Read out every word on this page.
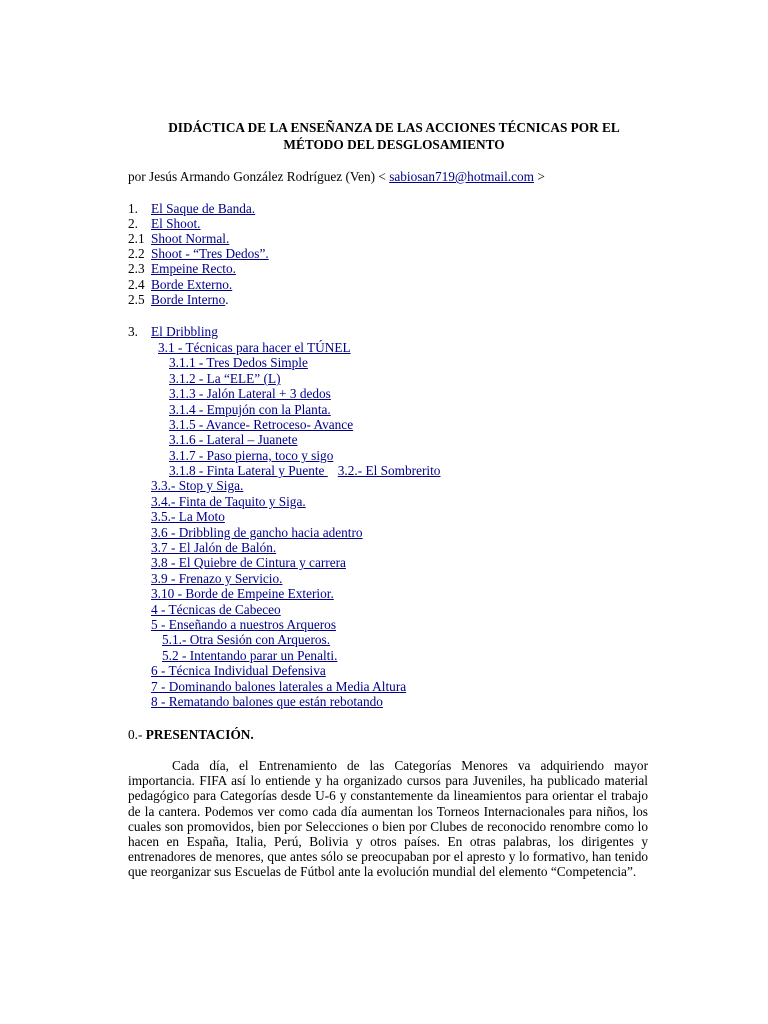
DIDÁCTICA DE LA ENSEÑANZA DE LAS ACCIONES TÉCNICAS POR EL
MÉTODO DEL DESGLOSAMIENTO
por Jesús Armando González Rodríguez (Ven) < sabiosan719@hotmail.com >
1. El Saque de Banda.
2. El Shoot.
2.1 Shoot Normal.
2.2 Shoot - “Tres Dedos”.
2.3 Empeine Recto.
2.4 Borde Externo.
2.5 Borde Interno.
3. El Dribbling
3.1 - Técnicas para hacer el TÚNEL
3.1.1 - Tres Dedos Simple
3.1.2 - La “ELE” (L)
3.1.3 - Jalón Lateral + 3 dedos
3.1.4 - Empujón con la Planta.
3.1.5 - Avance- Retroceso- Avance
3.1.6 - Lateral – Juanete
3.1.7 - Paso pierna, toco y sigo
3.1.8 - Finta Lateral y Puente    3.2.- El Sombrerito
3.3.- Stop y Siga.
3.4.- Finta de Taquito y Siga.
3.5.- La Moto
3.6 - Dribbling de gancho hacia adentro
3.7 - El Jalón de Balón.
3.8 - El Quiebre de Cintura y carrera
3.9 - Frenazo y Servicio.
3.10 - Borde de Empeine Exterior.
4 - Técnicas de Cabeceo
5 - Enseñando a nuestros Arqueros
5.1.- Otra Sesión con Arqueros.
5.2 - Intentando parar un Penalti.
6 - Técnica Individual Defensiva
7 - Dominando balones laterales a Media Altura
8 - Rematando balones que están rebotando
0.- PRESENTACIÓN.
Cada día, el Entrenamiento de las Categorías Menores va adquiriendo mayor importancia. FIFA así lo entiende y ha organizado cursos para Juveniles, ha publicado material pedagógico para Categorías desde U-6 y constantemente da lineamientos para orientar el trabajo de la cantera. Podemos ver como cada día aumentan los Torneos Internacionales para niños, los cuales son promovidos, bien por Selecciones o bien por Clubes de reconocido renombre como lo hacen en España, Italia, Perú, Bolivia y otros países. En otras palabras, los dirigentes y entrenadores de menores, que antes sólo se preocupaban por el apresto y lo formativo, han tenido que reorganizar sus Escuelas de Fútbol ante la evolución mundial del elemento “Competencia”.
